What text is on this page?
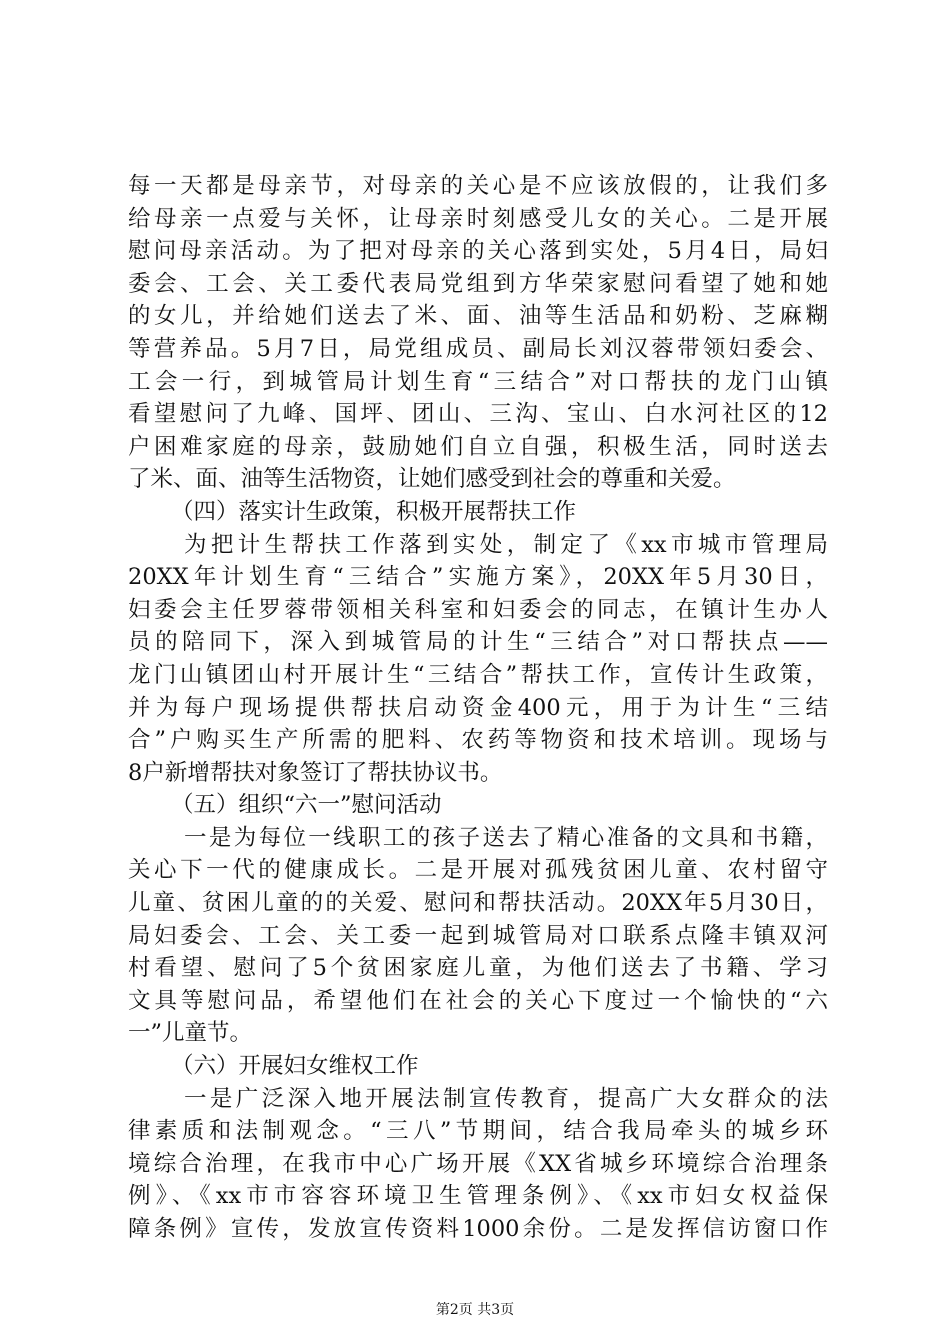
每一天都是母亲节，对母亲的关心是不应该放假的，让我们多
给母亲一点爱与关怀，让母亲时刻感受儿女的关心。二是开展
慰问母亲活动。为了把对母亲的关心落到实处，5月4日，局妇
委会、工会、关工委代表局党组到方华荣家慰问看望了她和她
的女儿，并给她们送去了米、面、油等生活品和奶粉、芝麻糊
等营养品。5月7日，局党组成员、副局长刘汉蓉带领妇委会、
工会一行，到城管局计划生育“三结合”对口帮扶的龙门山镇
看望慰问了九峰、国坪、团山、三沟、宝山、白水河社区的12
户困难家庭的母亲，鼓励她们自立自强，积极生活，同时送去
了米、面、油等生活物资，让她们感受到社会的尊重和关爱。
（四）落实计生政策，积极开展帮扶工作
为把计生帮扶工作落到实处，制定了《xx市城市管理局
20XX年计划生育“三结合”实施方案》，20XX年5月30日，
妇委会主任罗蓉带领相关科室和妇委会的同志，在镇计生办人
员的陪同下，深入到城管局的计生“三结合”对口帮扶点——
龙门山镇团山村开展计生“三结合”帮扶工作，宣传计生政策，
并为每户现场提供帮扶启动资金400元，用于为计生“三结
合”户购买生产所需的肥料、农药等物资和技术培训。现场与
8户新增帮扶对象签订了帮扶协议书。
（五）组织“六一”慰问活动
一是为每位一线职工的孩子送去了精心准备的文具和书籍，
关心下一代的健康成长。二是开展对孤残贫困儿童、农村留守
儿童、贫困儿童的的关爱、慰问和帮扶活动。20XX年5月30日，
局妇委会、工会、关工委一起到城管局对口联系点隆丰镇双河
村看望、慰问了5个贫困家庭儿童，为他们送去了书籍、学习
文具等慰问品，希望他们在社会的关心下度过一个愉快的“六
一”儿童节。
（六）开展妇女维权工作
一是广泛深入地开展法制宣传教育，提高广大女群众的法
律素质和法制观念。“三八”节期间，结合我局牵头的城乡环
境综合治理，在我市中心广场开展《XX省城乡环境综合治理条
例》、《xx市市容容环境卫生管理条例》、《xx市妇女权益保
障条例》宣传，发放宣传资料1000余份。二是发挥信访窗口作
第2页 共3页
